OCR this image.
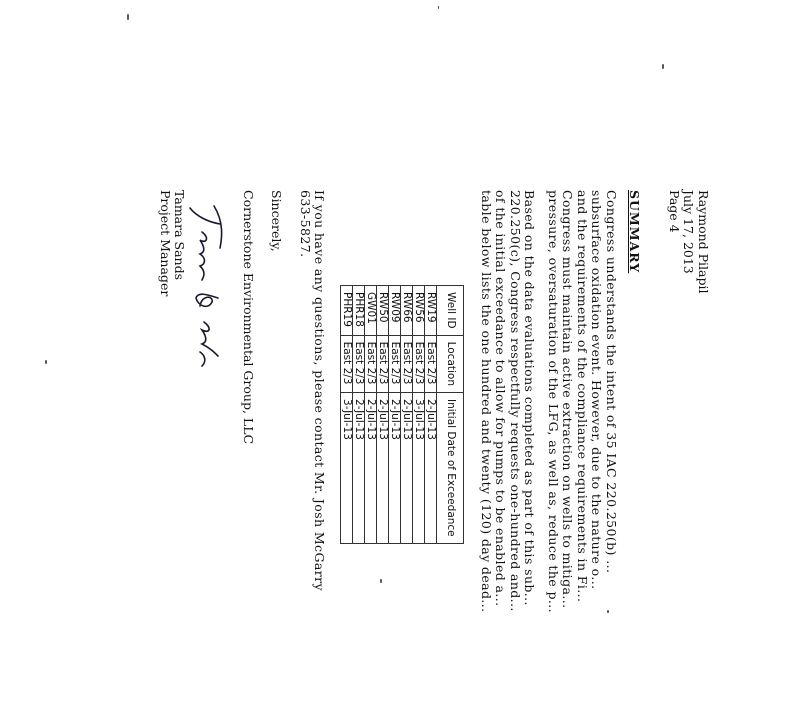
Raymond Pilapil
July 17, 2013
Page 4
SUMMARY
Congress understands the intent of 35 IAC 220.250(b) ...
subsurface oxidation event. However, due to the nature o...
and the requirements of the compliance requirements in Fi...
Congress must maintain active extraction on wells to mitiga...
pressure, oversaturation of the LFG, as well as, reduce the p...
Based on the data evaluations completed as part of this sub...
220.250(c), Congress respectfully requests one-hundred and...
of the initial exceedance to allow for pumps to be enabled a...
table below lists the one hundred and twenty (120) day dead...
Well ID	Location	Initial Date of Exceedance
RW19	East 2/3	2-Jul-13
RW56	East 2/3	3-Jul-13
RW66	East 2/3	2-Jul-13
RW09	East 2/3	2-Jul-13
RW50	East 2/3	2-Jul-13
GW01	East 2/3	2-Jul-13
PHR18	East 2/3	2-Jul-13
PHR19	East 2/3	3-Jul-13
If you have any questions, please contact Mr. Josh McGarry
633-5827.
Sincerely,
Cornerstone Environmental Group, LLC
Tamara Sands
Project Manager
